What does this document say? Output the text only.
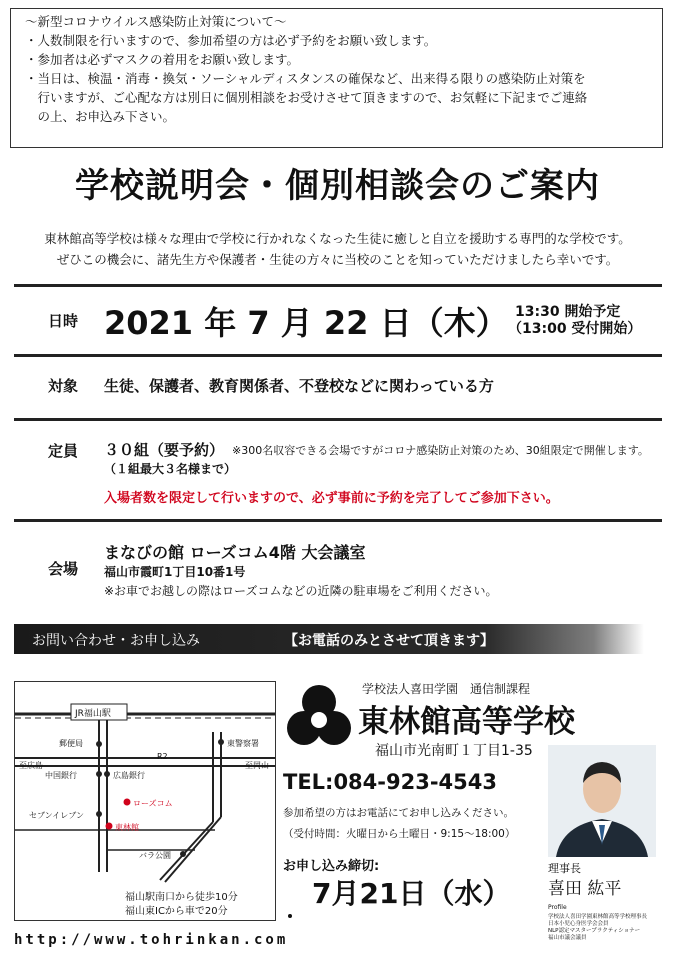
〜新型コロナウイルス感染防止対策について〜
・人数制限を行いますので、参加希望の方は必ず予約をお願い致します。
・参加者は必ずマスクの着用をお願い致します。
・当日は、検温・消毒・換気・ソーシャルディスタンスの確保など、出来得る限りの感染防止対策を
　行いますが、ご心配な方は別日に個別相談をお受けさせて頂きますので、お気軽に下記までご連絡
　の上、お申込み下さい。
学校説明会・個別相談会のご案内
東林館高等学校は様々な理由で学校に行かれなくなった生徒に癒しと自立を援助する専門的な学校です。
ぜひこの機会に、諸先生方や保護者・生徒の方々に当校のことを知っていただけましたら幸いです。
日時 2021 年 7 月 22 日（木） 13:30 開始予定
（13:00 受付開始）
対象 生徒、保護者、教育関係者、不登校などに関わっている方
定員 ３０組（要予約） ※300名収容できる会場ですがコロナ感染防止対策のため、30組限定で開催します。
（１組最大３名様まで）
入場者数を限定して行いますので、必ず事前に予約を完了してご参加下さい。
会場
まなびの館 ローズコム4階 大会議室
福山市霞町1丁目10番1号
※お車でお越しの際はローズコムなどの近隣の駐車場をご利用ください。
お問い合わせ・お申し込み	【お電話のみとさせて頂きます】
JR福山駅
郵便局
至広島	至岡山
中国銀行	広島銀行
R2
東警察署
ローズコム
セブンイレブン
東林館
バラ公園
福山駅南口から徒歩10分
福山東ICから車で20分
学校法人喜田学園　通信制課程
東林館高等学校
福山市光南町１丁目1-35
TEL:084-923-4543
参加希望の方はお電話にてお申し込みください。
（受付時間：火曜日から土曜日・9:15〜18:00）
お申し込み締切:
7月21日（水）
理事長
喜田 紘平
Profile
学校法人喜田学園東林館高等学校理事長
日本小児心身医学会会員
NLP認定マスタープラクティショナー
福山市議会議員
http://www.tohrinkan.com
